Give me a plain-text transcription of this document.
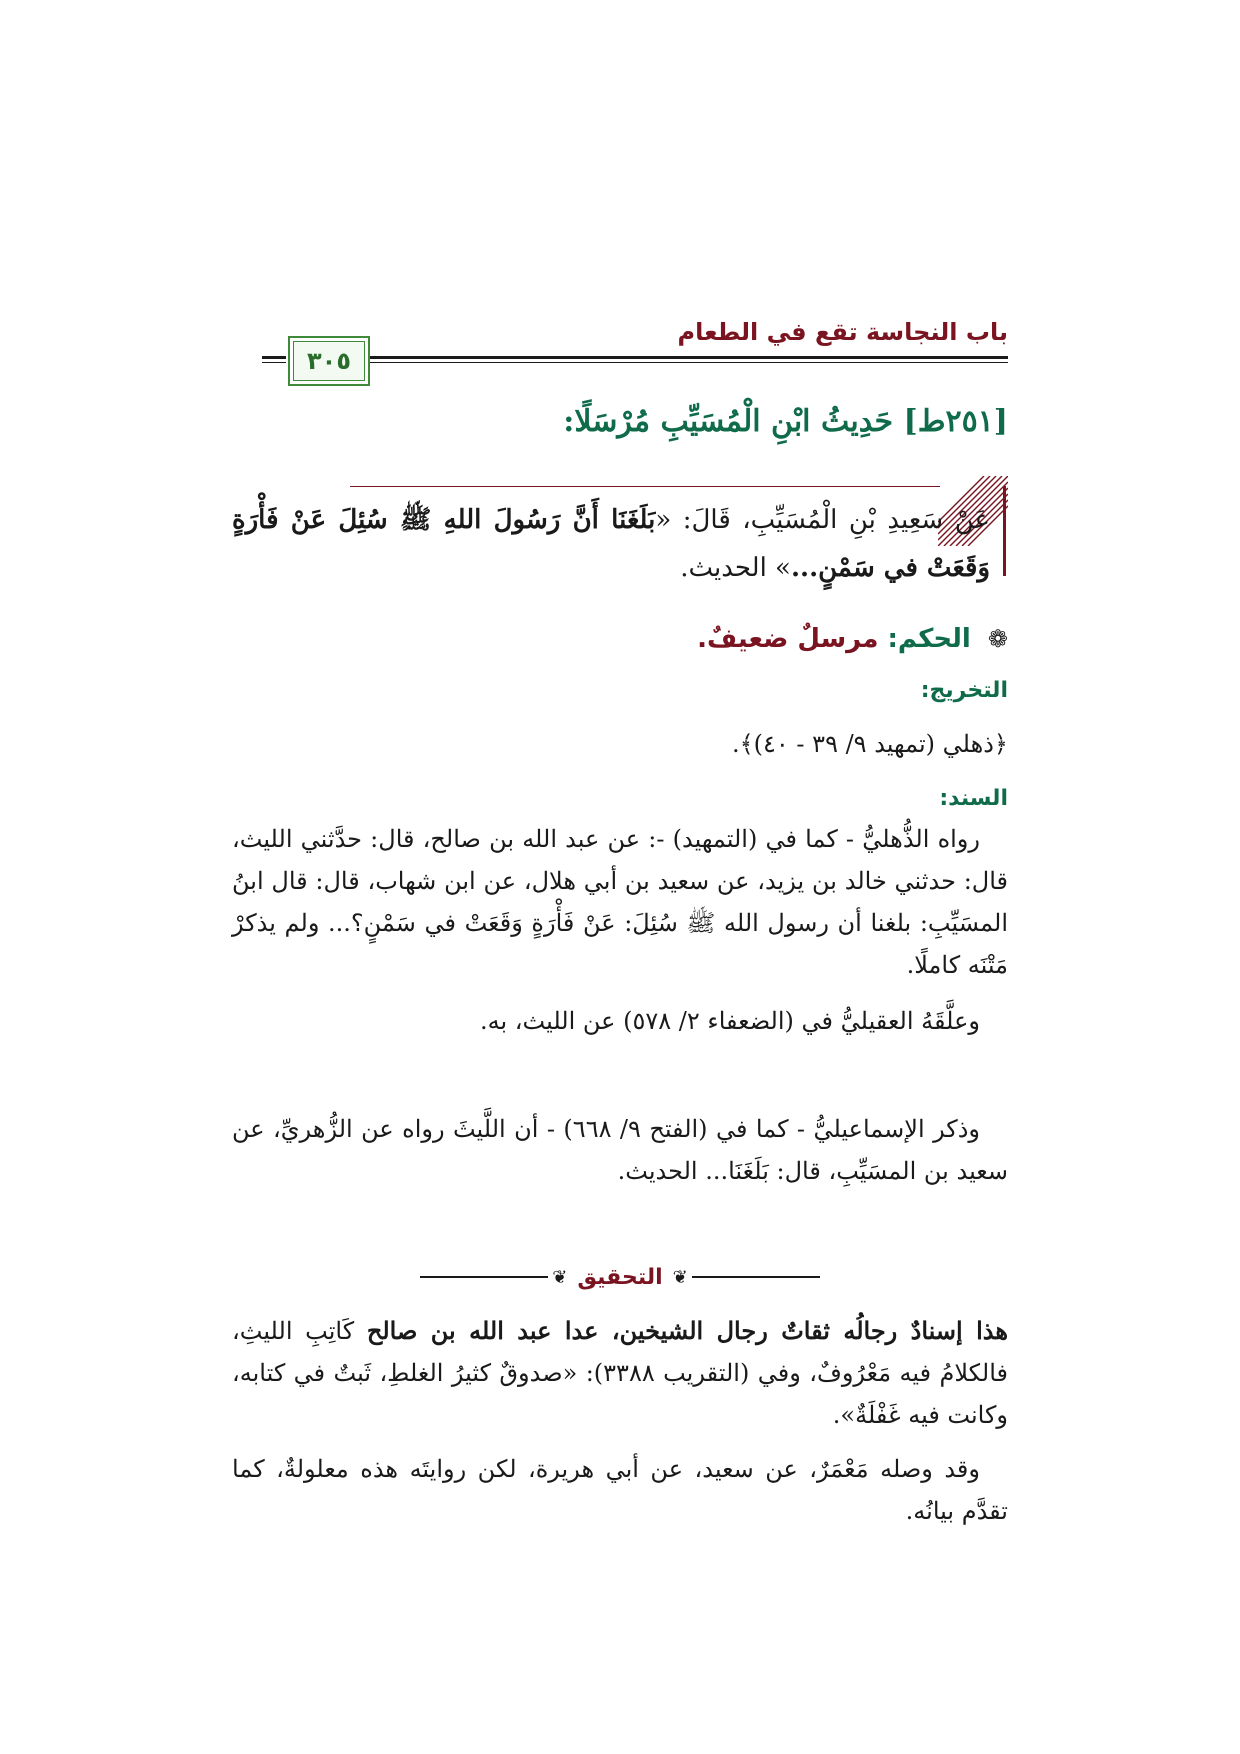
باب النجاسة تقع في الطعام
٣٠٥
[٢٥١ط] حَدِيثُ ابْنِ الْمُسَيِّبِ مُرْسَلًا:
عَنْ سَعِيدِ بْنِ الْمُسَيِّبِ، قَالَ: «بَلَغَنَا أَنَّ رَسُولَ اللهِ ﷺ سُئِلَ عَنْ فَأْرَةٍ وَقَعَتْ في سَمْنٍ...» الحديث.
❁ الحكم: مرسلٌ ضعيفٌ.
التخريج:
﴿ذهلي (تمهيد ٩/ ٣٩ - ٤٠)﴾.
السند:

رواه الذُّهليُّ - كما في (التمهيد) -: عن عبد الله بن صالح، قال: حدَّثني الليث، قال: حدثني خالد بن يزيد، عن سعيد بن أبي هلال، عن ابن شهاب، قال: قال ابنُ المسَيِّبِ: بلغنا أن رسول الله ﷺ سُئِلَ: عَنْ فَأْرَةٍ وَقَعَتْ في سَمْنٍ؟... ولم يذكرْ مَتْنَه كاملًا.

وعلَّقَهُ العقيليُّ في (الضعفاء ٢/ ٥٧٨) عن الليث، به.

وذكر الإسماعيليُّ - كما في (الفتح ٩/ ٦٦٨) - أن اللَّيثَ رواه عن الزُّهريِّ، عن سعيد بن المسَيِّبِ، قال: بَلَغَنَا... الحديث.

❦
التحقيق
❦

هذا إسنادٌ رجالُه ثقاتٌ رجال الشيخين، عدا عبد الله بن صالح كَاتِبِ الليثِ، فالكلامُ فيه مَعْرُوفٌ، وفي (التقريب ٣٣٨٨): «صدوقٌ كثيرُ الغلطِ، ثَبتٌ في كتابه، وكانت فيه غَفْلَةٌ».

وقد وصله مَعْمَرٌ، عن سعيد، عن أبي هريرة، لكن روايتَه هذه معلولةٌ، كما تقدَّم بيانُه.
